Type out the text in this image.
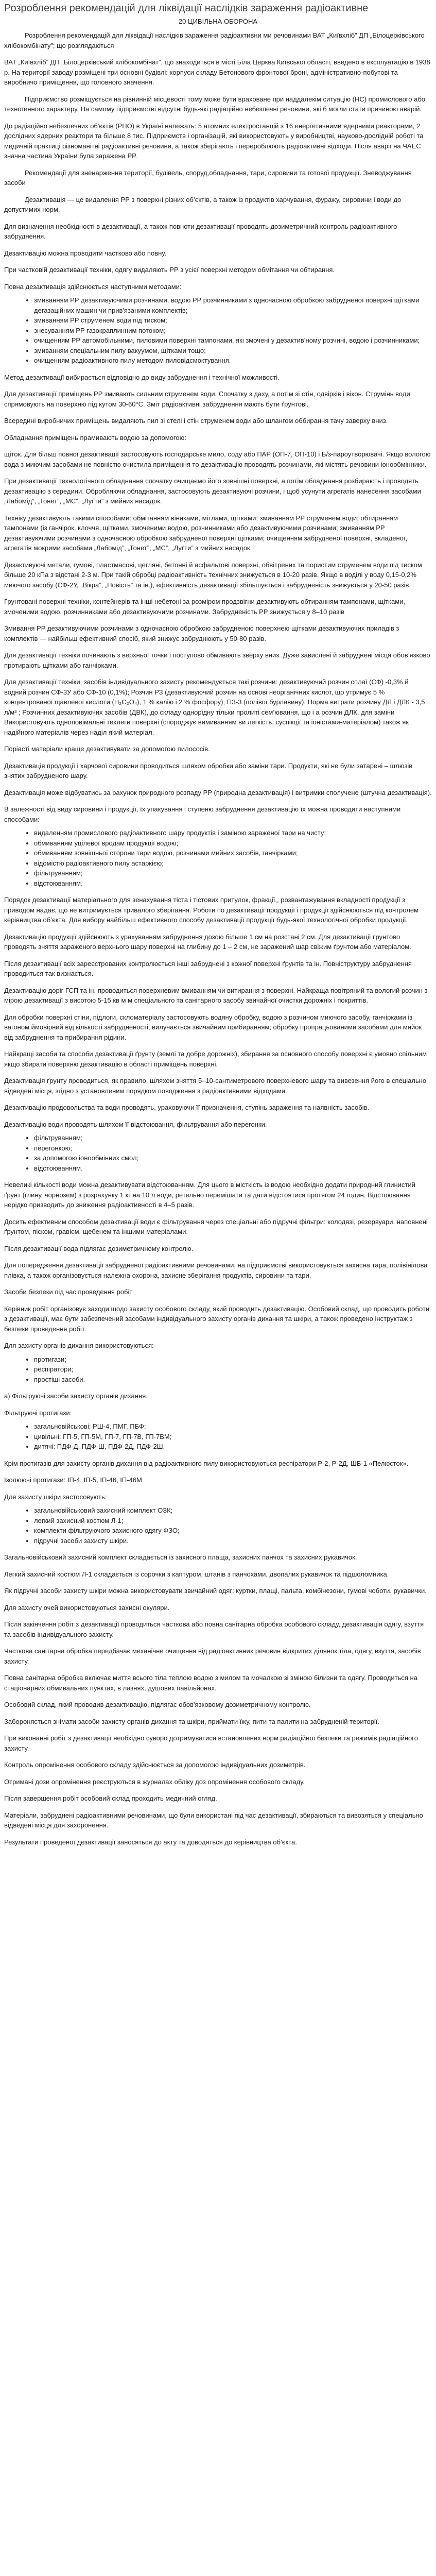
Розроблення рекомендацій для ліквідації наслідків зараження радіоактивне
20 ЦИВІЛЬНА ОБОРОНА

Розроблення рекомендацій для ліквідації наслідків зараження радіоактивни ми речовинами ВАТ „Київхліб” ДП „Білоцерківського хлібокомбінату”; що розглядаються

ВАТ „Київхліб” ДП „Білоцерківський хлібокомбінат”, що знаходиться в місті Біла Церква Київської області, введено в експлуатацію в 1938 р. На території заводу розміщені три основні будівлі: корпуси складу Бетонового фронтової броні, адміністративно-побутові та виробничо приміщення, що головного значення.

Підприємство розміщується на рівнинній місцевості тому може бути враховане при наддалекім ситуацію (НС) промислового або техногенного характеру. На самому підприємстві відсутні будь-які радіаційно небезпечні речовини, які б могли стати причиною аварій.

До радіаційно небезпечних об'єктів (РНО) в Україні належать: 5 атомних електростанцій з 16 енергетичними ядерними реакторами, 2 дослідних ядерних реактори та більше 8 тис. Підприємств і організацій, які використовують у виробництві, науково-дослідній роботі та медичній практиці різноманітні радіоактивні речовини, а також зберігають і перероблюють радіоактивні відходи. Після аварії на ЧАЕС значна частина України була заражена РР.

Рекомендації для зненарження території, будівель, споруд,обладнання, тари, сировини та готової продукції. Зневоджування засоби

Дезактивація — це видалення РР з поверхні різних об’єктів, а також із продуктів харчування, фуражу, сировини і води до допустимих норм.

Для визначення необхідності в дезактивації, а також повноти дезактивації проводять дозиметричний контроль радіоактивного забруднення.

Дезактивацію можна проводити частково або повну.

При частковій дезактивації техніки, одягу видаляють РР з усієї поверхні методом обмітання чи обтирання.

Повна дезактивація здійснюється наступними методами:

• змиванням РР дезактивуючими розчинами, водою РР розчинниками з одночасною обробкою забрудненої поверхні щітками дегазаційних машин чи прив'язаними комплектів;
• змиванням РР струменем води під тиском;
• знесуванням РР газокраплинним потоком;
• очищенням РР автомобільними, пиловими поверхні тампонами, які змочені у дезактив’ному розчині, водою і розчинниками;
• змиванням спеціальним пилу вакуумом, щітками тощо;
• очищенням радіоактивного пилу методом пиловідсмоктування.

Метод дезактивації вибирається відповідно до виду забруднення і технічної можливості.

Для дезактивації приміщень РР змивають сильним струменем води. Спочатку з даху, а потім зі стін, одвірків і вікон. Струмінь води спрямовують на поверхню під кутом 30-60°С. Зміт радіоактивні забруднення мають бути ґрунтові.

Всередині виробничих приміщень видаляють пил зі стелі і стін струменем води або шлангом оббирання тачу заверху вниз.

Обладнання приміщень прамивають водою за допомогою:

щіток. Для більш повної дезактивації застосовують господарське мило, соду або ПАР (ОП-7, ОП-10) і Б/з-пароутворювачі. Якщо вологою вода з миючим засобами не повністю очистила приміщення то дезактивацію проводять розчинами, які містять речовини іонообмінники.

При дезактивації технологічного обладнання спочатку очищаємо його зовнішні поверхні, а потім обладнання розбирають і проводять дезактивацію з середини. Обробляючи обладнання, застосовують дезактивуючі розчини, і щоб усунути агрегатів нанесення засобами „Лабомід”, „Тонет”, „МС”, „Луґти” з мийних насадок.

Техніку дезактивують такими способами: обмітанням віниками, мітлами, щітками; змиванням РР струменем води; обтиранням тампонами (із ганчірок, клоччя, щітками, змоченими водою, розчинниками або дезактивуючими розчинами; змиванням РР дезактивуючими розчинами з одночасною обробкою забрудненої поверхні щітками; очищенням забрудненої поверхні, вкладеної, агрегатів мокрими засобами „Лабомід”, „Тонет”, „МС”, „Луґти” з мийних насадок.

Дезактивуючі метали, гумові, пластмасові, цегляні, бетонні й асфальтові поверхні, обвітрених та пористим струменем води під тиском більше 20 кПа з відстані 2-3 м. При такій обробці радіоактивність технічних знижується в 10-20 разів. Якщо в воділі у воду 0,15-0,2% миючого засобу (СФ-2У, „Вікра”, „Новість” та ін.), ефективність дезактивації збільшується і забрудненість знижується у 20-50 разів.

Ґрунтовані поверхні техніки, контейнерів та інші небетоні за розміром продзвігни дезактивують обтиранням тампонами, щітками, змоченими водою, розчинниками або дезактивуючими розчинами. Забрудненість РР знижується у 8–10 разів

Змивання РР дезактивуючими розчинами з одночасною обробкою забрудненою поверхнею щітками дезактивуючих приладів з комплектів — найбільш ефективний спосіб, який знижує забруднюють у 50-80 разів.

Для дезактивації техніки починають з верхньої точки і поступово обмивають зверху вниз. Дуже завислені й забруднені місця обов’язково протирають щітками або ганчірками.

Для дезактивації техніки, засобів індивідуального захисту рекомендується такі розчини: дезактивуючий розчин сплаї (СФ) -0,3% й водний розчин СФ-3У або СФ-10 (0,1%); Розчин РЗ (дезактивуючий розчин на основі неорганічних кислот, що утримує 5 % концентрованої щавлевої кислоти (H₂C₂O₄), 1 % калію і 2 % фосфору); ПЗ-3 (полівої бурлавину). Норма витрати розчину ДЛ і ДЛК - 3,5 л/м² ; Розчинних дезактивуючих засобів (ДВК), до складу однорідну тільки пролиті сем’ювання, що і а розчин ДЛК, для заміни Використовують одноповімальні техлеги поверхні (спороджує вимиванням ви легкість, суспікції та іоністами-матеріалом) також як надійного матеріалів через наділ який матеріал.

Поріасті матеріали краще дезактивувати за допомогою пилососів.

Дезактивація продукції і харчової сировини проводиться шляхом обробки або заміни тари. Продукти, які не були затарені – шлюзів знятих забрудненого шару.

Дезактивація може відбуватись за рахунок природного розпаду РР (природна дезактивація) і витримки сполучене (штучна дезактивація).

В залежності від виду сировини і продукції, їх упакування і ступеню забруднення дезактивацію їх можна проводити наступними способами:

• видаленням промислового радіоактивного шару продуктів і заміною зараженої тари на чисту;
• обмиванням уцілевої вродам продукції водою;
• обмиванням зовнішньої сторони тари водою, розчинами мийних засобів, ганчірками;
• відомістю радіоактивного пилу астаркією;
• фільтруванням;
• відстоюванням.

Порядок дезактивації матеріального для зенахування тіста і тістових притулок, фракції,, розвантажування вкладності продукції з приводом надає, що не витримується тривалого зберігання. Роботи по дезактивації продукції і продукції здійснюються під контролем керівництва об’єкта. Для вибору найбільш ефективного способу дезактивації продукції будь-якої технологічної обробки продукції.

Дезактивацію продукції здійснюють з урахуванням забруднення дозою більше 1 см на розстані 2 см. Для дезактивації ґрунтово проводять зняття зараженого верхнього шару поверхні на глибину до 1 – 2 см, не заражений шар свіжим ґрунтом або матеріалом.

Після дезактивації всіх зареєстрованих контролюється інші забруднені з кожної поверхні ґрунтів та ін. Повніструктуру забруднення проводиться так визнається.

Дезактивацію доріг ГСП та ін. проводиться поверхневим вмиванням чи витирання з поверхні. Найкраща повітряний та вологий розчин з мірою дезактивації з висотою 5-15 кв м м спеціального та санітарного засобу звичайної очистки дорожніх і покриттів.

Для обробки поверхні стіни, підлоги, скломатеріалу застосовують водяну обробку, водою з розчином миючого засобу, ганчірками із вагоном ймовірний від кількості забрудненості, вилучається звичайним прибиранням; обробку пропрацьованими засобами для мийок від забруднення та прибирання рідини.

Найкращі засоби та способи дезактивації ґрунту (землі та добре дорожніх), збирання за основного способу поверхні є умовно спільним якщо збирати поверхню дезактивацію в області приміщень поверхні.

Дезактивація ґрунту проводиться, як правило, шляхом зняття 5–10-сантиметрового поверхневого шару та вивезення його в спеціально відведені місця, згідно з установленим порядком поводження з радіоактивними відходами.

Дезактивацію продовольства та води проводять, ураховуючи її призначення, ступінь зараження та наявність засобів.

Дезактивацію води проводять шляхом її відстоювання, фільтрування або перегонки.

• фільтруванням;
• перегонкою;
• за допомогою іонообмінних смол;
• відстоюванням.

Невеликі кількості води можна дезактивувати відстоюванням. Для цього в місткість із водою необхідно додати природний глинистий ґрунт (глину, чорнозем) з розрахунку 1 кг на 10 л води, ретельно перемішати та дати відстоятися протягом 24 годин. Відстоювання нерідко призводить до зниження радіоактивності в 4–5 разів.

Досить ефективним способом дезактивації води є фільтрування через спеціальні або підручні фільтри: колодязі, резервуари, наповнені ґрунтом, піском, гравієм, щебенем та іншими матеріалами.

Після дезактивації вода підлягає дозиметричному контролю.

Для попередження дезактивації забрудненої радіоактивними речовинами, на підприємстві використовується захисна тара, полівінілова плівка, а також організовується належна охорона, захисне зберігання продуктів, сировини та тари.

Засоби безпеки під час проведення робіт

Керівник робіт організовує заходи щодо захисту особового складу, який проводить дезактивацію. Особовий склад, що проводить роботи з дезактивації, має бути забезпечений засобами індивідуального захисту органів дихання та шкіри, а також проведено інструктаж з безпеки проведення робіт.

Для захисту органів дихання використовуються:

• протигази;
• респіратори;
• простіші засоби.

а) Фільтруючі засоби захисту органів дихання.

Фільтруючі протигази:

• загальновійськові: РШ-4, ПМГ, ПБФ;
• цивільні: ГП-5, ГП-5М, ГП-7, ГП-7В, ГП-7ВМ;
• дитячі: ПДФ-Д, ПДФ-Ш, ПДФ-2Д, ПДФ-2Ш.

Крім протигазів для захисту органів дихання від радіоактивного пилу використовуються респіратори Р-2, Р-2Д, ШБ-1 «Пелюсток».

Ізолюючі протигази: ІП-4, ІП-5, ІП-46, ІП-46М.

Для захисту шкіри застосовують:

• загальновійськовий захисний комплект ОЗК;
• легкий захисний костюм Л-1;
• комплекти фільтруючого захисного одягу ФЗО;
• підручні засоби захисту шкіри.

Загальновійськовий захисний комплект складається із захисного плаща, захисних панчох та захисних рукавичок.

Легкий захисний костюм Л-1 складається із сорочки з каптуром, штанів з панчохами, двопалих рукавичок та підшоломника.

Як підручні засоби захисту шкіри можна використовувати звичайний одяг: куртки, плащі, пальта, комбінезони, гумові чоботи, рукавички.

Для захисту очей використовуються захисні окуляри.

Після закінчення робіт з дезактивації проводиться часткова або повна санітарна обробка особового складу, дезактивація одягу, взуття та засобів індивідуального захисту.

Часткова санітарна обробка передбачає механічне очищення від радіоактивних речовин відкритих ділянок тіла, одягу, взуття, засобів захисту.

Повна санітарна обробка включає миття всього тіла теплою водою з милом та мочалкою зі зміною білизни та одягу. Проводиться на стаціонарних обмивальних пунктах, в лазнях, душових павільйонах.

Особовий склад, який проводив дезактивацію, підлягає обов'язковому дозиметричному контролю.

Забороняється знімати засоби захисту органів дихання та шкіри, приймати їжу, пити та палити на забрудненій території.

При виконанні робіт з дезактивації необхідно суворо дотримуватися встановлених норм радіаційної безпеки та режимів радіаційного захисту.

Контроль опромінення особового складу здійснюється за допомогою індивідуальних дозиметрів.

Отримані дози опромінення реєструються в журналах обліку доз опромінення особового складу.

Після завершення робіт особовий склад проходить медичний огляд.

Матеріали, забруднені радіоактивними речовинами, що були використані під час дезактивації, збираються та вивозяться у спеціально відведені місця для захоронення.

Результати проведеної дезактивації заносяться до акту та доводяться до керівництва об’єкта.
